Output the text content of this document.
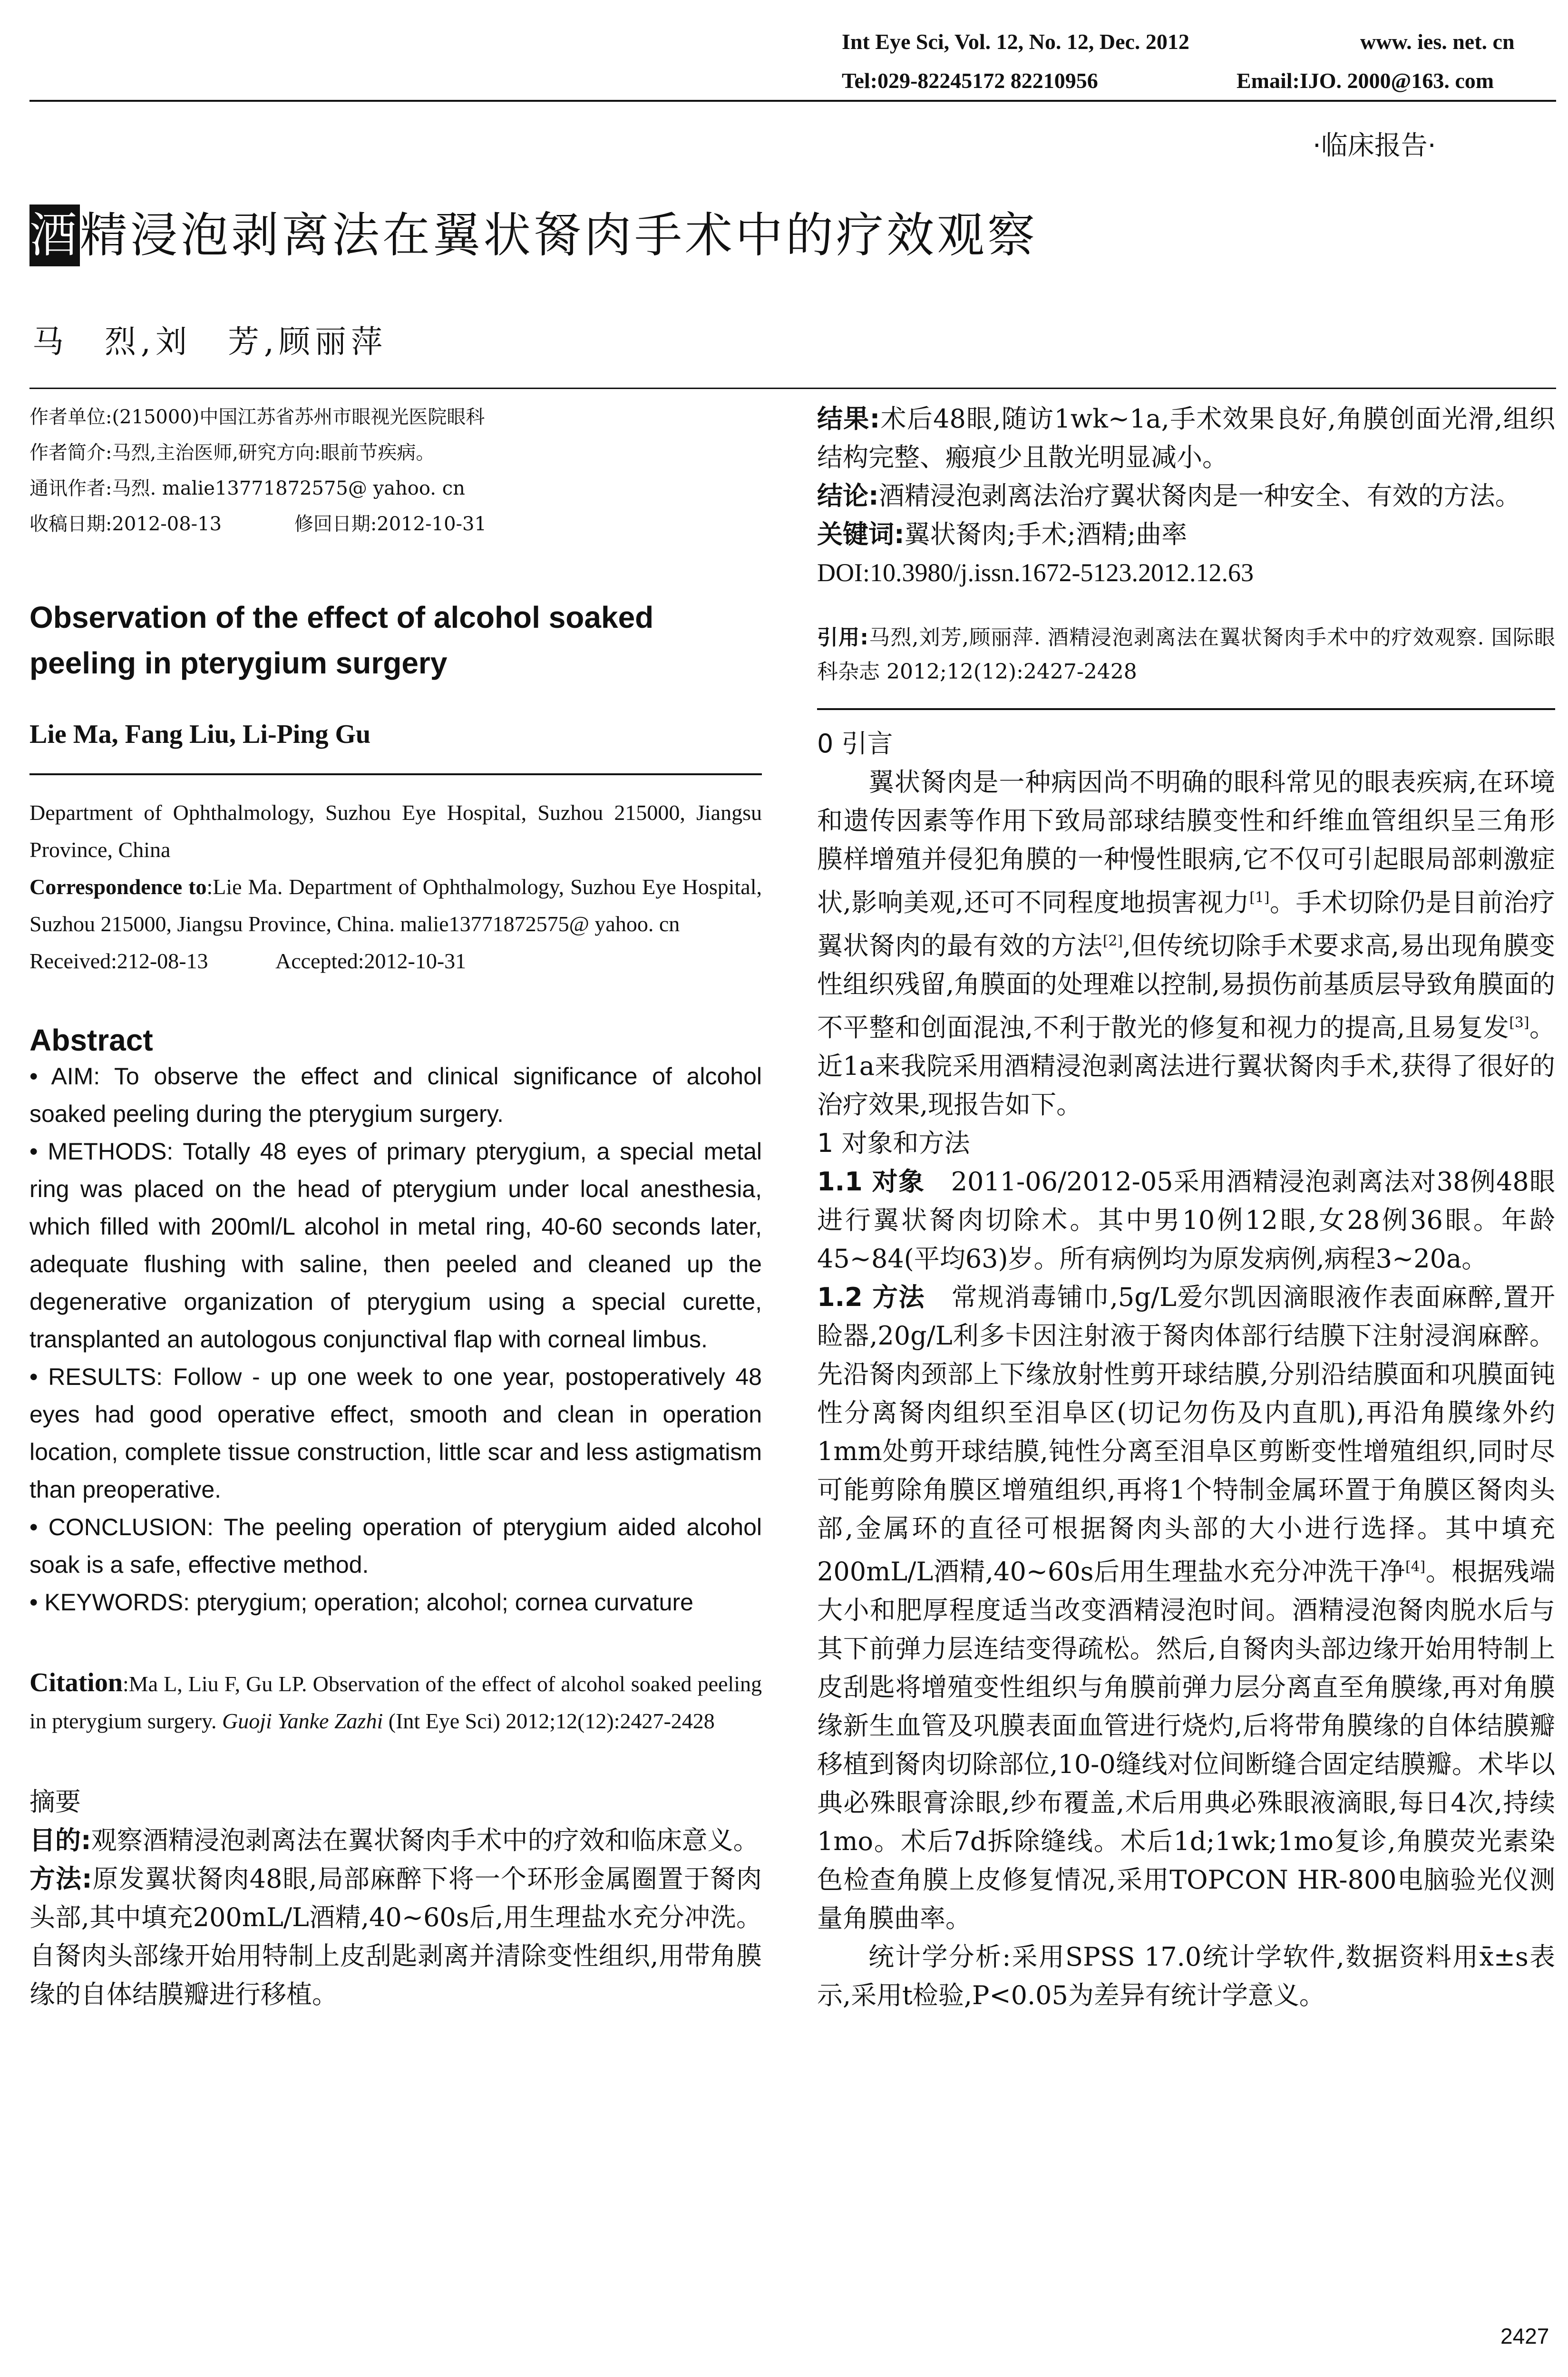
Int Eye Sci, Vol. 12, No. 12, Dec. 2012	www. ies. net. cn
Tel:029-82245172 82210956	Email:IJO. 2000@163. com
·临床报告·
酒精浸泡剥离法在翼状胬肉手术中的疗效观察
马　烈,刘　芳,顾丽萍
作者单位:(215000)中国江苏省苏州市眼视光医院眼科
作者简介:马烈,主治医师,研究方向:眼前节疾病。
通讯作者:马烈. malie13771872575@ yahoo. cn
收稿日期:2012-08-13	修回日期:2012-10-31
Observation of the effect of alcohol soaked peeling in pterygium surgery
Lie Ma, Fang Liu, Li-Ping Gu
Department of Ophthalmology, Suzhou Eye Hospital, Suzhou 215000, Jiangsu Province, China
Correspondence to:Lie Ma. Department of Ophthalmology, Suzhou Eye Hospital, Suzhou 215000, Jiangsu Province, China. malie13771872575@ yahoo. cn
Received:212-08-13	Accepted:2012-10-31
Abstract

• AIM: To observe the effect and clinical significance of alcohol soaked peeling during the pterygium surgery.

• METHODS: Totally 48 eyes of primary pterygium, a special metal ring was placed on the head of pterygium under local anesthesia, which filled with 200ml/L alcohol in metal ring, 40-60 seconds later, adequate flushing with saline, then peeled and cleaned up the degenerative organization of pterygium using a special curette, transplanted an autologous conjunctival flap with corneal limbus.

• RESULTS: Follow - up one week to one year, postoperatively 48 eyes had good operative effect, smooth and clean in operation location, complete tissue construction, little scar and less astigmatism than preoperative.

• CONCLUSION: The peeling operation of pterygium aided alcohol soak is a safe, effective method.

• KEYWORDS: pterygium; operation; alcohol; cornea curvature

Citation:Ma L, Liu F, Gu LP. Observation of the effect of alcohol soaked peeling in pterygium surgery. Guoji Yanke Zazhi (Int Eye Sci) 2012;12(12):2427-2428
摘要

目的:观察酒精浸泡剥离法在翼状胬肉手术中的疗效和临床意义。

方法:原发翼状胬肉48眼,局部麻醉下将一个环形金属圈置于胬肉头部,其中填充200mL/L酒精,40~60s后,用生理盐水充分冲洗。自胬肉头部缘开始用特制上皮刮匙剥离并清除变性组织,用带角膜缘的自体结膜瓣进行移植。

结果:术后48眼,随访1wk~1a,手术效果良好,角膜创面光滑,组织结构完整、瘢痕少且散光明显减小。

结论:酒精浸泡剥离法治疗翼状胬肉是一种安全、有效的方法。

关键词:翼状胬肉;手术;酒精;曲率

DOI:10.3980/j.issn.1672-5123.2012.12.63

引用:马烈,刘芳,顾丽萍. 酒精浸泡剥离法在翼状胬肉手术中的疗效观察. 国际眼科杂志 2012;12(12):2427-2428

0 引言

翼状胬肉是一种病因尚不明确的眼科常见的眼表疾病,在环境和遗传因素等作用下致局部球结膜变性和纤维血管组织呈三角形膜样增殖并侵犯角膜的一种慢性眼病,它不仅可引起眼局部刺激症状,影响美观,还可不同程度地损害视力[1]。手术切除仍是目前治疗翼状胬肉的最有效的方法[2],但传统切除手术要求高,易出现角膜变性组织残留,角膜面的处理难以控制,易损伤前基质层导致角膜面的不平整和创面混浊,不利于散光的修复和视力的提高,且易复发[3]。近1a来我院采用酒精浸泡剥离法进行翼状胬肉手术,获得了很好的治疗效果,现报告如下。

1 对象和方法

1.1 对象　2011-06/2012-05采用酒精浸泡剥离法对38例48眼进行翼状胬肉切除术。其中男10例12眼,女28例36眼。年龄45~84(平均63)岁。所有病例均为原发病例,病程3~20a。

1.2 方法　常规消毒铺巾,5g/L爱尔凯因滴眼液作表面麻醉,置开睑器,20g/L利多卡因注射液于胬肉体部行结膜下注射浸润麻醉。先沿胬肉颈部上下缘放射性剪开球结膜,分别沿结膜面和巩膜面钝性分离胬肉组织至泪阜区(切记勿伤及内直肌),再沿角膜缘外约1mm处剪开球结膜,钝性分离至泪阜区剪断变性增殖组织,同时尽可能剪除角膜区增殖组织,再将1个特制金属环置于角膜区胬肉头部,金属环的直径可根据胬肉头部的大小进行选择。其中填充200mL/L酒精,40~60s后用生理盐水充分冲洗干净[4]。根据残端大小和肥厚程度适当改变酒精浸泡时间。酒精浸泡胬肉脱水后与其下前弹力层连结变得疏松。然后,自胬肉头部边缘开始用特制上皮刮匙将增殖变性组织与角膜前弹力层分离直至角膜缘,再对角膜缘新生血管及巩膜表面血管进行烧灼,后将带角膜缘的自体结膜瓣移植到胬肉切除部位,10-0缝线对位间断缝合固定结膜瓣。术毕以典必殊眼膏涂眼,纱布覆盖,术后用典必殊眼液滴眼,每日4次,持续1mo。术后7d拆除缝线。术后1d;1wk;1mo复诊,角膜荧光素染色检查角膜上皮修复情况,采用TOPCON HR-800电脑验光仪测量角膜曲率。

统计学分析:采用SPSS 17.0统计学软件,数据资料用x̄±s表示,采用t检验,P<0.05为差异有统计学意义。

2427
